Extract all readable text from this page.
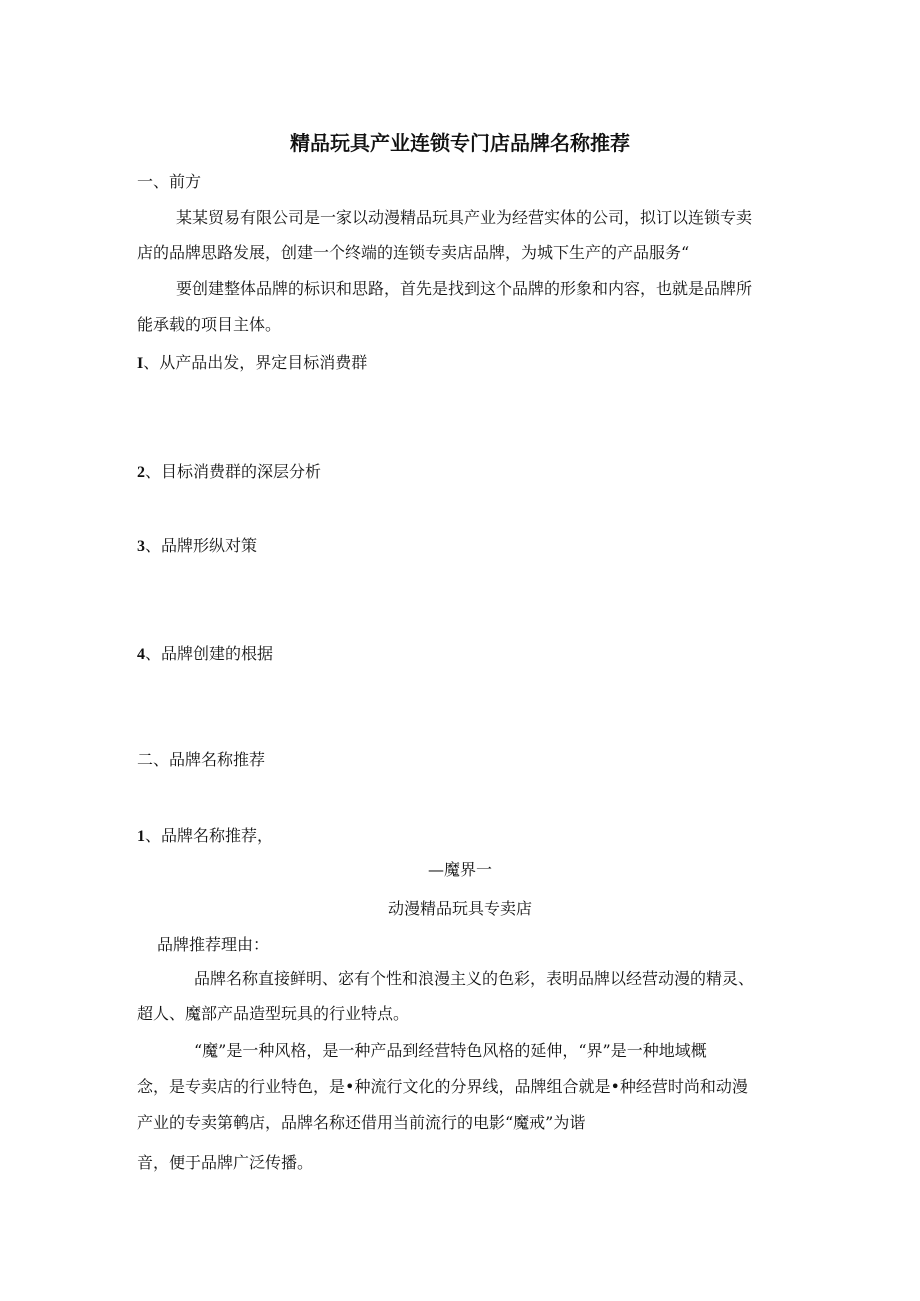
精品玩具产业连锁专门店品牌名称推荐
一、前方
某某贸易有限公司是一家以动漫精品玩具产业为经营实体的公司，拟订以连锁专卖
店的品牌思路发展，创建一个终端的连锁专卖店品牌，为城下生产的产品服务“
要创建整体品牌的标识和思路，首先是找到这个品牌的形象和内容，也就是品牌所
能承载的项目主体。
I、从产品出发，界定目标消费群
2、目标消费群的深层分析
3、品牌形纵对策
4、品牌创建的根据
二、品牌名称推荐
1、品牌名称推荐，
—魔界一
动漫精品玩具专卖店
品牌推荐理由：
品牌名称直接鲜明、宓有个性和浪漫主义的色彩，表明品牌以经营动漫的精灵、
超人、魔部产品造型玩具的行业特点。
“魔”是一种风格，是一种产品到经营特色风格的延伸，“界”是一种地域概
念，是专卖店的行业特色，是•种流行文化的分界线，品牌组合就是•种经营时尚和动漫
产业的专卖第鹌店，品牌名称还借用当前流行的电影“魔戒”为谐
音，便于品牌广泛传播。
